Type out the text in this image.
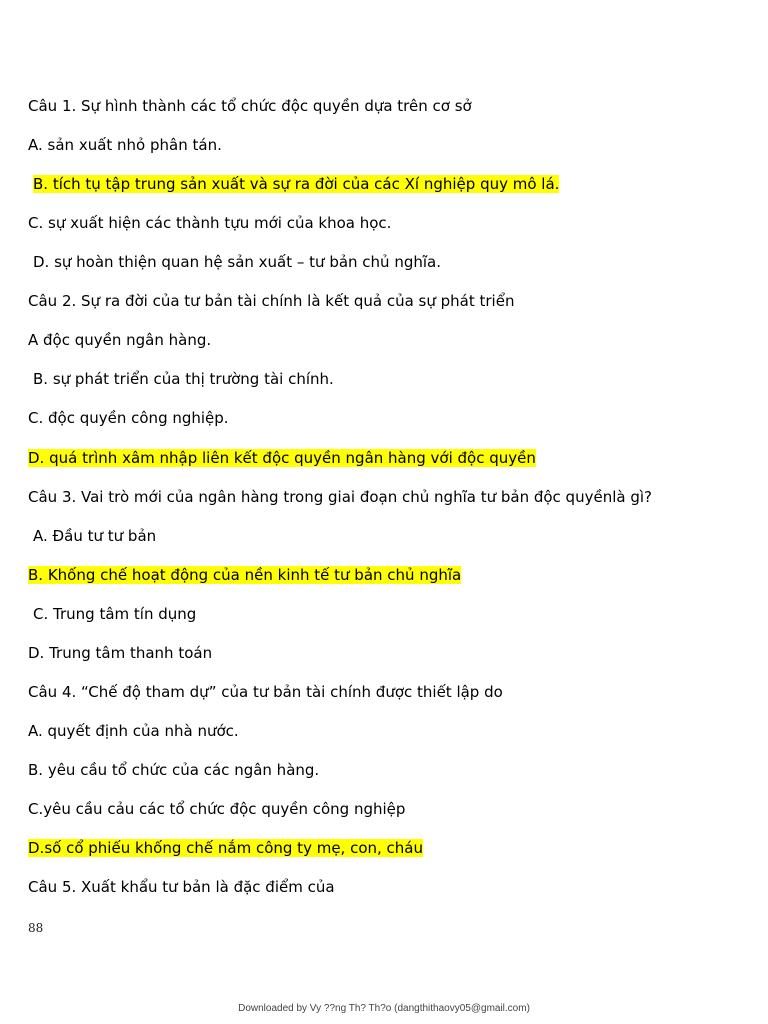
Câu 1. Sự hình thành các tổ chức độc quyền dựa trên cơ sở
A. sản xuất nhỏ phân tán.
B. tích tụ tập trung sản xuất và sự ra đời của các Xí nghiệp quy mô lá.
C. sự xuất hiện các thành tựu mới của khoa học.
D. sự hoàn thiện quan hệ sản xuất – tư bản chủ nghĩa.
Câu 2. Sự ra đời của tư bản tài chính là kết quả của sự phát triển
A độc quyền ngân hàng.
B. sự phát triển của thị trường tài chính.
C. độc quyền công nghiệp.
D. quá trình xâm nhập liên kết độc quyền ngân hàng với độc quyền
Câu 3. Vai trò mới của ngân hàng trong giai đoạn chủ nghĩa tư bản độc quyềnlà gì?
A. Đầu tư tư bản
B. Khống chế hoạt động của nền kinh tế tư bản chủ nghĩa
C. Trung tâm tín dụng
D. Trung tâm thanh toán
Câu 4. “Chế độ tham dự” của tư bản tài chính được thiết lập do
A. quyết định của nhà nước.
B. yêu cầu tổ chức của các ngân hàng.
C.yêu cầu cảu các tổ chức độc quyền công nghiệp
D.số cổ phiếu khống chế nắm công ty mẹ, con, cháu
Câu 5. Xuất khẩu tư bản là đặc điểm của
88
Downloaded by Vy ??ng Th? Th?o (dangthithaovy05@gmail.com)
